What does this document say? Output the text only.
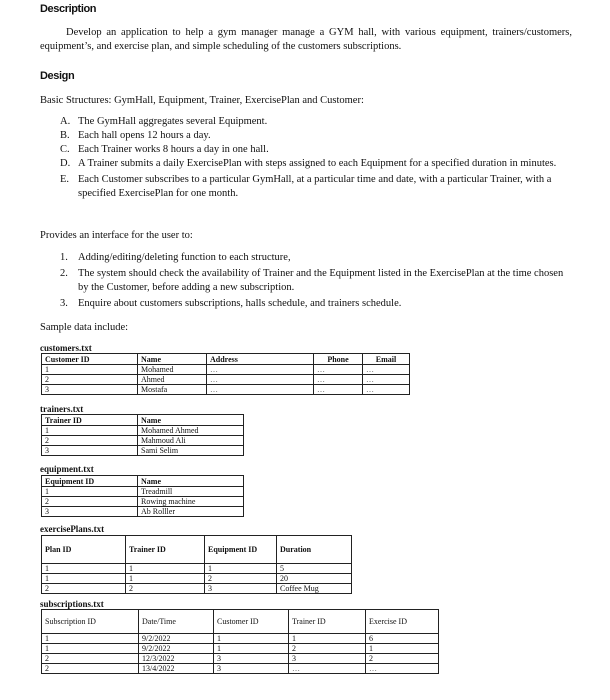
Description
Develop an application to help a gym manager manage a GYM hall, with various equipment, trainers/customers, equipment’s, and exercise plan, and simple scheduling of the customers subscriptions.
Design
Basic Structures: GymHall, Equipment, Trainer, ExercisePlan and Customer:
A. The GymHall aggregates several Equipment.
B. Each hall opens 12 hours a day.
C. Each Trainer works 8 hours a day in one hall.
D. A Trainer submits a daily ExercisePlan with steps assigned to each Equipment for a specified duration in minutes.
E. Each Customer subscribes to a particular GymHall, at a particular time and date, with a particular Trainer, with a specified ExercisePlan for one month.
Provides an interface for the user to:
1. Adding/editing/deleting function to each structure,
2. The system should check the availability of Trainer and the Equipment listed in the ExercisePlan at the time chosen by the Customer, before adding a new subscription.
3. Enquire about customers subscriptions, halls schedule, and trainers schedule.
Sample data include:
customers.txt
Customer ID	Name	Address	Phone	Email
1	Mohamed	…	…	…
2	Ahmed	…	…	…
3	Mostafa	…	…	…
trainers.txt
Trainer ID	Name
1	Mohamed Ahmed
2	Mahmoud Ali
3	Sami Selim
equipment.txt
Equipment ID	Name
1	Treadmill
2	Rowing machine
3	Ab Rolller
exercisePlans.txt
Plan ID	Trainer ID	Equipment ID	Duration
1	1	1	5
1	1	2	20
2	2	3	Coffee Mug
subscriptions.txt
Subscription ID	Date/Time	Customer ID	Trainer ID	Exercise ID
1	9/2/2022	1	1	6
1	9/2/2022	1	2	1
2	12/3/2022	3	3	2
2	13/4/2022	3	…	…
